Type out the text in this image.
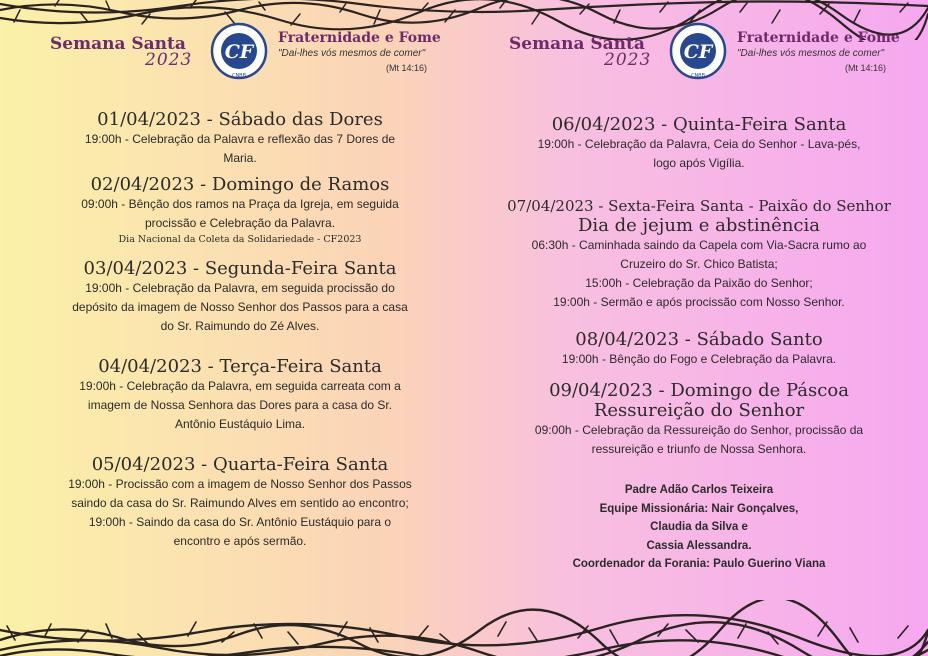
Semana Santa
2023 CF
CNBB
Fraternidade e Fome
"Dai-lhes vós mesmos de comer"
(Mt 14:16)
01/04/2023 - Sábado das Dores
19:00h - Celebração da Palavra e reflexão das 7 Dores de
Maria.
02/04/2023 - Domingo de Ramos
09:00h - Bênção dos ramos na Praça da Igreja, em seguida
procissão e Celebração da Palavra.
Dia Nacional da Coleta da Solidariedade - CF2023
03/04/2023 - Segunda-Feira Santa
19:00h - Celebração da Palavra, em seguida procissão do
depósito da imagem de Nosso Senhor dos Passos para a casa
do Sr. Raimundo do Zé Alves.
04/04/2023 - Terça-Feira Santa
19:00h - Celebração da Palavra, em seguida carreata com a
imagem de Nossa Senhora das Dores para a casa do Sr.
Antônio Eustáquio Lima.
05/04/2023 - Quarta-Feira Santa
19:00h - Procissão com a imagem de Nosso Senhor dos Passos
saindo da casa do Sr. Raimundo Alves em sentido ao encontro;
19:00h - Saindo da casa do Sr. Antônio Eustáquio para o
encontro e após sermão.
Semana Santa
2023 CF
CNBB
Fraternidade e Fome
"Dai-lhes vós mesmos de comer"
(Mt 14:16)
06/04/2023 - Quinta-Feira Santa
19:00h - Celebração da Palavra, Ceia do Senhor - Lava-pés,
logo após Vigília.
07/04/2023 - Sexta-Feira Santa - Paixão do Senhor
Dia de jejum e abstinência
06:30h - Caminhada saindo da Capela com Via-Sacra rumo ao
Cruzeiro do Sr. Chico Batista;
15:00h - Celebração da Paixão do Senhor;
19:00h - Sermão e após procissão com Nosso Senhor.
08/04/2023 - Sábado Santo
19:00h - Bênção do Fogo e Celebração da Palavra.
09/04/2023 - Domingo de Páscoa
Ressureição do Senhor
09:00h - Celebração da Ressureição do Senhor, procissão da
ressureição e triunfo de Nossa Senhora.
Padre Adão Carlos Teixeira
Equipe Missionária: Nair Gonçalves,
Claudia da Silva e
Cassia Alessandra.
Coordenador da Forania: Paulo Guerino Viana
